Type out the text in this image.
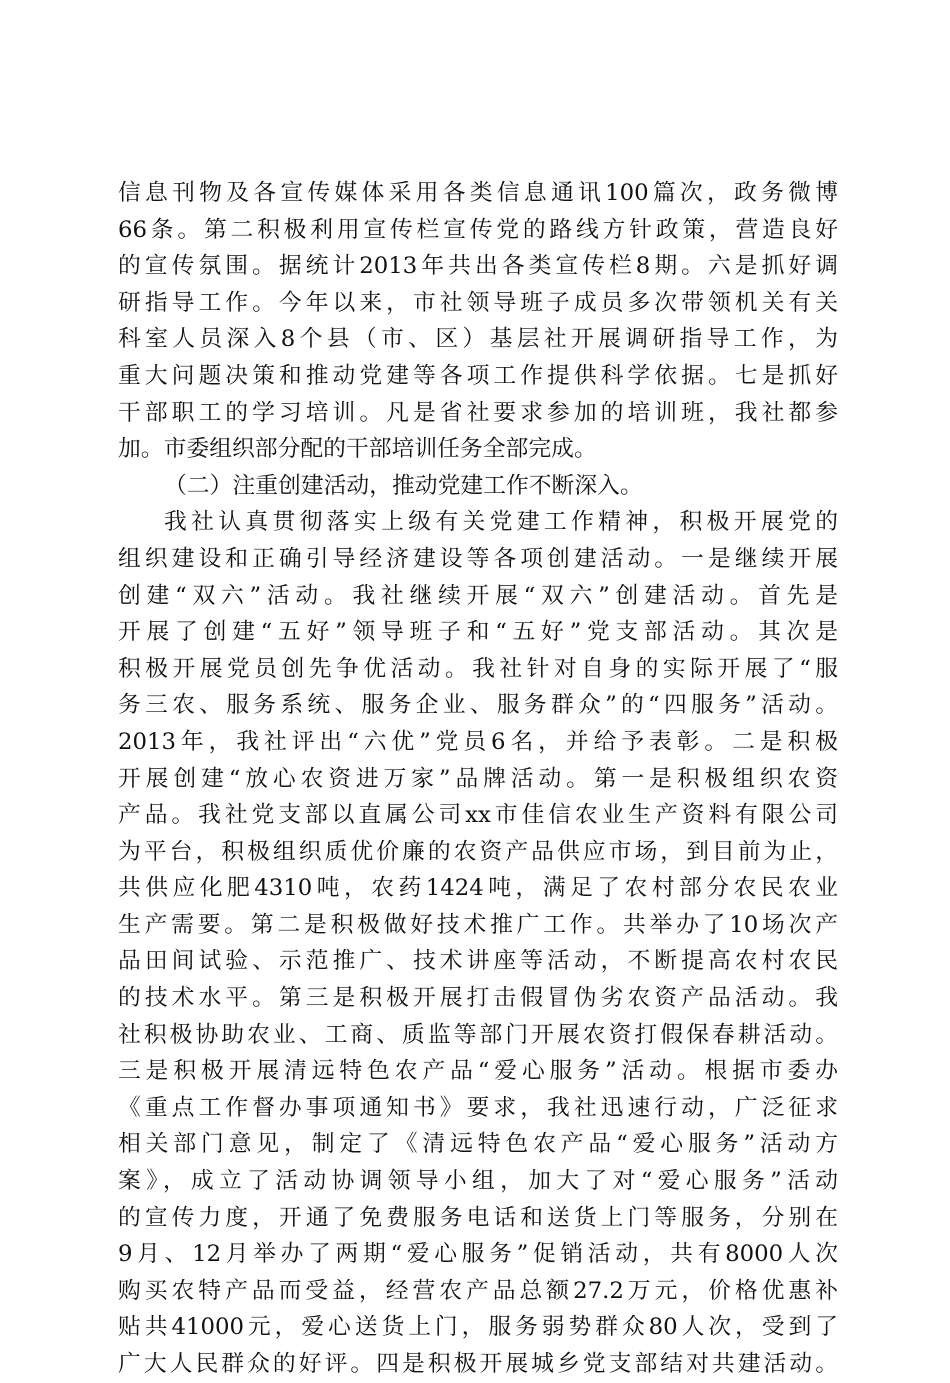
信息刊物及各宣传媒体采用各类信息通讯100篇次，政务微博

66条。第二积极利用宣传栏宣传党的路线方针政策，营造良好

的宣传氛围。据统计2013年共出各类宣传栏8期。六是抓好调

研指导工作。今年以来，市社领导班子成员多次带领机关有关

科室人员深入8个县（市、区）基层社开展调研指导工作，为

重大问题决策和推动党建等各项工作提供科学依据。七是抓好

干部职工的学习培训。凡是省社要求参加的培训班，我社都参

加。市委组织部分配的干部培训任务全部完成。

（二）注重创建活动，推动党建工作不断深入。

我社认真贯彻落实上级有关党建工作精神，积极开展党的

组织建设和正确引导经济建设等各项创建活动。一是继续开展

创建“双六”活动。我社继续开展“双六”创建活动。首先是

开展了创建“五好”领导班子和“五好”党支部活动。其次是

积极开展党员创先争优活动。我社针对自身的实际开展了“服

务三农、服务系统、服务企业、服务群众”的“四服务”活动。

2013年，我社评出“六优”党员6名，并给予表彰。二是积极

开展创建“放心农资进万家”品牌活动。第一是积极组织农资

产品。我社党支部以直属公司xx市佳信农业生产资料有限公司

为平台，积极组织质优价廉的农资产品供应市场，到目前为止，

共供应化肥4310吨，农药1424吨，满足了农村部分农民农业

生产需要。第二是积极做好技术推广工作。共举办了10场次产

品田间试验、示范推广、技术讲座等活动，不断提高农村农民

的技术水平。第三是积极开展打击假冒伪劣农资产品活动。我

社积极协助农业、工商、质监等部门开展农资打假保春耕活动。

三是积极开展清远特色农产品“爱心服务”活动。根据市委办

《重点工作督办事项通知书》要求，我社迅速行动，广泛征求

相关部门意见，制定了《清远特色农产品“爱心服务”活动方

案》，成立了活动协调领导小组，加大了对“爱心服务”活动

的宣传力度，开通了免费服务电话和送货上门等服务，分别在

9月、12月举办了两期“爱心服务”促销活动，共有8000人次

购买农特产品而受益，经营农产品总额27.2万元，价格优惠补

贴共41000元，爱心送货上门，服务弱势群众80人次，受到了

广大人民群众的好评。四是积极开展城乡党支部结对共建活动。
